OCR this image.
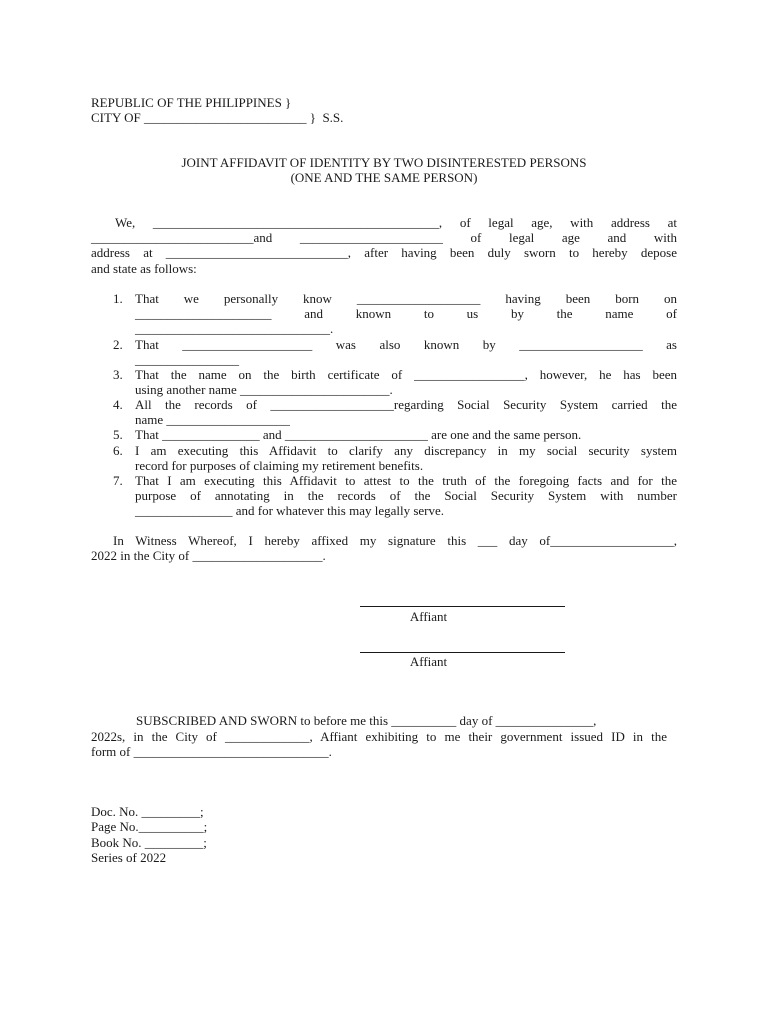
REPUBLIC OF THE PHILIPPINES }
CITY OF _________________________ }  S.S.
JOINT AFFIDAVIT OF IDENTITY BY TWO DISINTERESTED PERSONS
(ONE AND THE SAME PERSON)
We, ____________________________________________, of legal age, with address at
_________________________and ______________________ of legal age and with
address at ____________________________, after having been duly sworn to hereby depose
and state as follows:
1. That we personally know ___________________ having been born on
_____________________ and known to us by the name of
______________________________.
2. That ____________________ was also known by ___________________ as
________________
3. That the name on the birth certificate of _________________, however, he has been
using another name _______________________.
4. All the records of ___________________regarding Social Security System carried the
name ___________________
5. That _______________ and ______________________ are one and the same person.
6. I am executing this Affidavit to clarify any discrepancy in my social security system
record for purposes of claiming my retirement benefits.
7. That I am executing this Affidavit to attest to the truth of the foregoing facts and for the
purpose of annotating in the records of the Social Security System with number
_______________ and for whatever this may legally serve.
In Witness Whereof, I hereby affixed my signature this ___ day of___________________,
2022 in the City of ____________________.
Affiant
Affiant
SUBSCRIBED AND SWORN to before me this __________ day of _______________,
2022s, in the City of _____________, Affiant exhibiting to me their government issued ID in the
form of ______________________________.
Doc. No. _________;
Page No.__________;
Book No. _________;
Series of 2022
